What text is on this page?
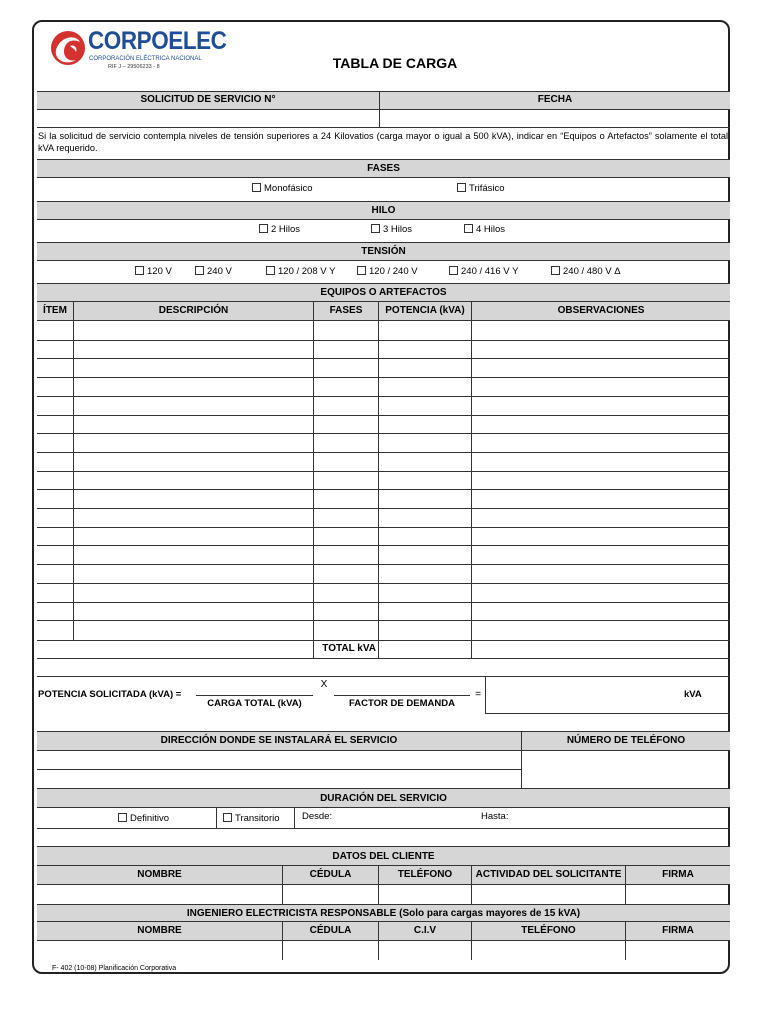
CORPOELEC
CORPORACIÓN ELÉCTRICA NACIONAL
RIF J – 29506233 - 8	TABLA DE CARGA
SOLICITUD DE SERVICIO N°	FECHA
Si la solicitud de servicio contempla niveles de tensión superiores a 24 Kilovatios (carga mayor o igual a 500 kVA), indicar en “Equipos o Artefactos” solamente el total kVA requerido.
FASES
Monofásico	Trifásico
HILO
2 Hilos	3 Hilos	4 Hilos
TENSIÓN
120 V	240 V	120 / 208 V Y	120 / 240 V	240 / 416 V Y	240 / 480 V Δ
EQUIPOS O ARTEFACTOS
ÍTEM	DESCRIPCIÓN	FASES	POTENCIA (kVA)	OBSERVACIONES
TOTAL kVA
POTENCIA SOLICITADA (kVA) =
CARGA TOTAL (kVA)
X
FACTOR DE DEMANDA
=	kVA
DIRECCIÓN DONDE SE INSTALARÁ EL SERVICIO	NÚMERO DE TELÉFONO
DURACIÓN DEL SERVICIO
Definitivo	Transitorio Desde:	Hasta:
DATOS DEL CLIENTE
NOMBRE	CÉDULA	TELÉFONO	ACTIVIDAD DEL SOLICITANTE	FIRMA
INGENIERO ELECTRICISTA RESPONSABLE (Solo para cargas mayores de 15 kVA)
NOMBRE	CÉDULA	C.I.V	TELÉFONO	FIRMA
F- 402 (10-08) Planificación Corporativa
